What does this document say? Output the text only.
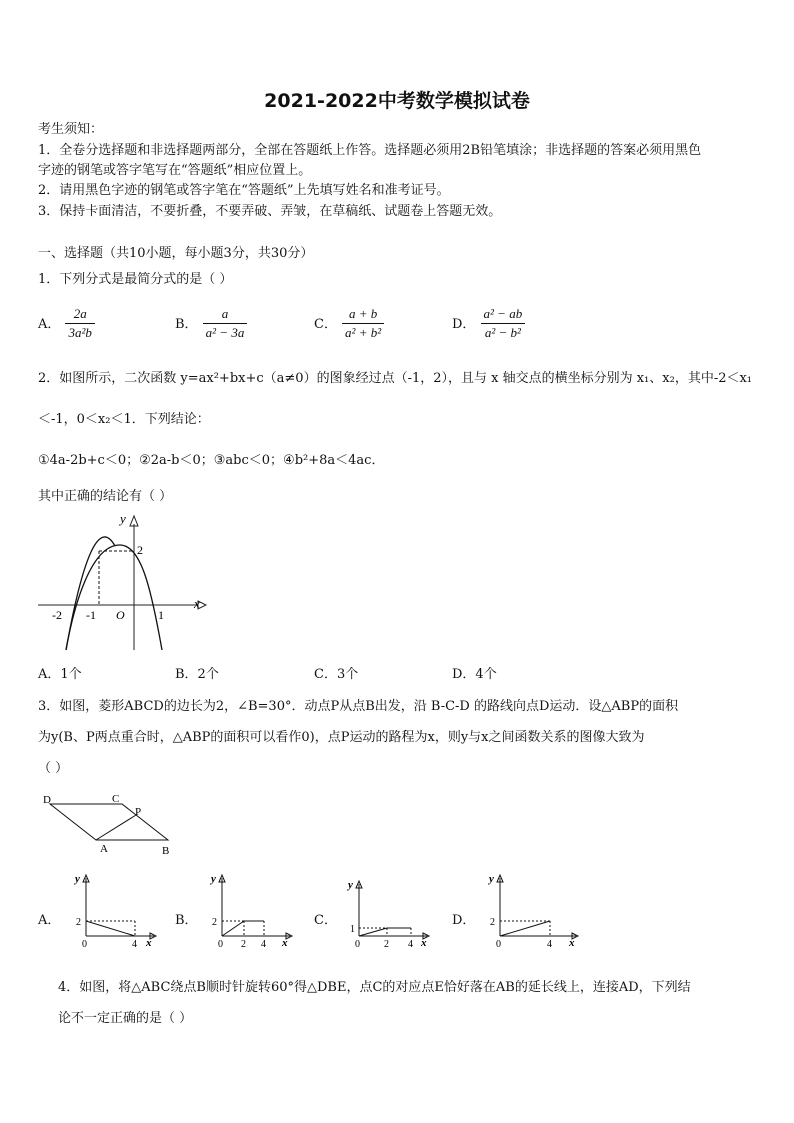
2021-2022中考数学模拟试卷
考生须知：
1．全卷分选择题和非选择题两部分，全部在答题纸上作答。选择题必须用2B铅笔填涂；非选择题的答案必须用黑色
字迹的钢笔或答字笔写在“答题纸”相应位置上。
2．请用黑色字迹的钢笔或答字笔在“答题纸”上先填写姓名和准考证号。
3．保持卡面清洁，不要折叠，不要弄破、弄皱，在草稿纸、试题卷上答题无效。
一、选择题（共10小题，每小题3分，共30分）
1．下列分式是最简分式的是（ ）
A． $\frac{2a}{\text{3a²b}}$	B． $\frac{a}{\text{a² − 3a}}$	C． $\frac{a + b}{\text{a² + b²}}$	D． $\frac{\text{a² − ab}}{\text{a² − b²}}$
2．如图所示，二次函数 y=ax²+bx+c（a≠0）的图象经过点（-1，2），且与 x 轴交点的横坐标分别为 x₁、x₂，其中-2＜x₁
＜-1，0＜x₂＜1．下列结论：
①4a-2b+c＜0；②2a-b＜0；③abc＜0；④b²+8a＜4ac．
其中正确的结论有（ ）
y
x
O
-2 -1	1
2
A．1个	B．2个	C．3个	D．4个
3．如图，菱形ABCD的边长为2，∠B=30°．动点P从点B出发，沿 B-C-D 的路线向点D运动．设△ABP的面积
为y(B、P两点重合时，△ABP的面积可以看作0)，点P运动的路程为x，则y与x之间函数关系的图像大致为
（ ）
D	C
P
A	B
A．
y
x
0
2
4
B．
y
x
0
2
2 4
C．
y
x
0
1
2 4
D．
y
x
0
2
4
4．如图，将△ABC绕点B顺时针旋转60°得△DBE，点C的对应点E恰好落在AB的延长线上，连接AD，下列结
论不一定正确的是（ ）
